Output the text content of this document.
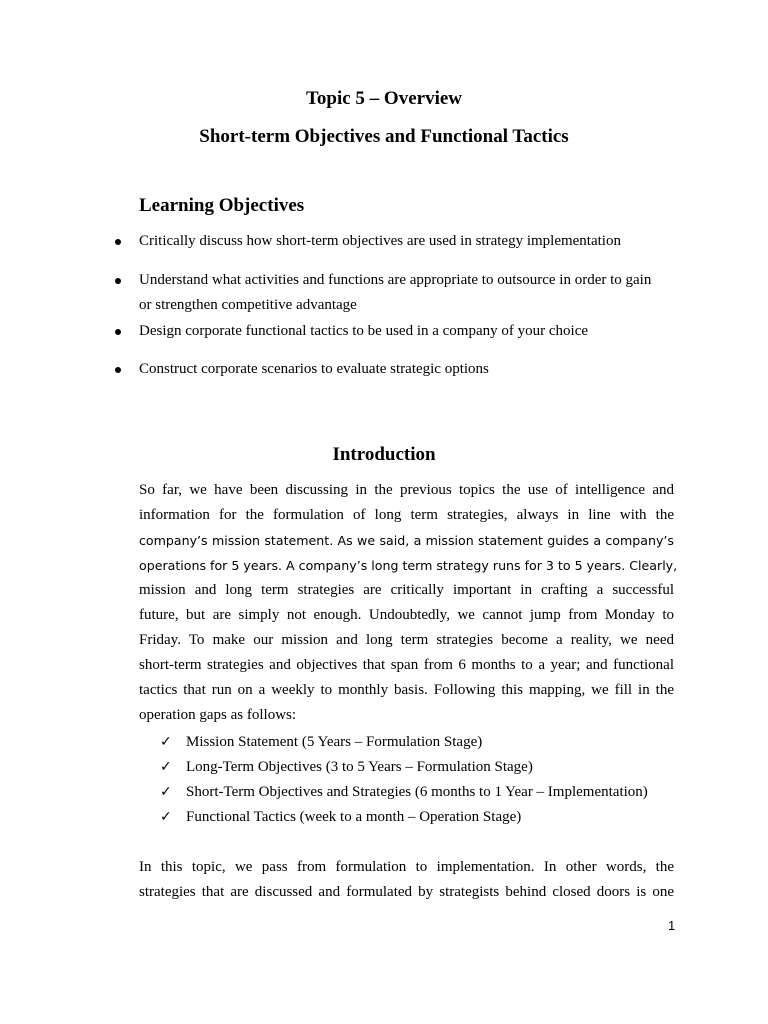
Topic 5 – Overview
Short-term Objectives and Functional Tactics
Learning Objectives
Critically discuss how short-term objectives are used in strategy implementation
Understand what activities and functions are appropriate to outsource in order to gain
or strengthen competitive advantage
Design corporate functional tactics to be used in a company of your choice
Construct corporate scenarios to evaluate strategic options
Introduction
So far, we have been discussing in the previous topics the use of intelligence and
information for the formulation of long term strategies, always in line with the
company’s mission statement. As we said, a mission statement guides a company’s
operations for 5 years. A company’s long term strategy runs for 3 to 5 years. Clearly,
mission and long term strategies are critically important in crafting a successful
future, but are simply not enough. Undoubtedly, we cannot jump from Monday to
Friday. To make our mission and long term strategies become a reality, we need
short-term strategies and objectives that span from 6 months to a year; and functional
tactics that run on a weekly to monthly basis. Following this mapping, we fill in the
operation gaps as follows:
✓ Mission Statement (5 Years – Formulation Stage)
✓ Long-Term Objectives (3 to 5 Years – Formulation Stage)
✓ Short-Term Objectives and Strategies (6 months to 1 Year – Implementation)
✓ Functional Tactics (week to a month – Operation Stage)
In this topic, we pass from formulation to implementation. In other words, the
strategies that are discussed and formulated by strategists behind closed doors is one
1
